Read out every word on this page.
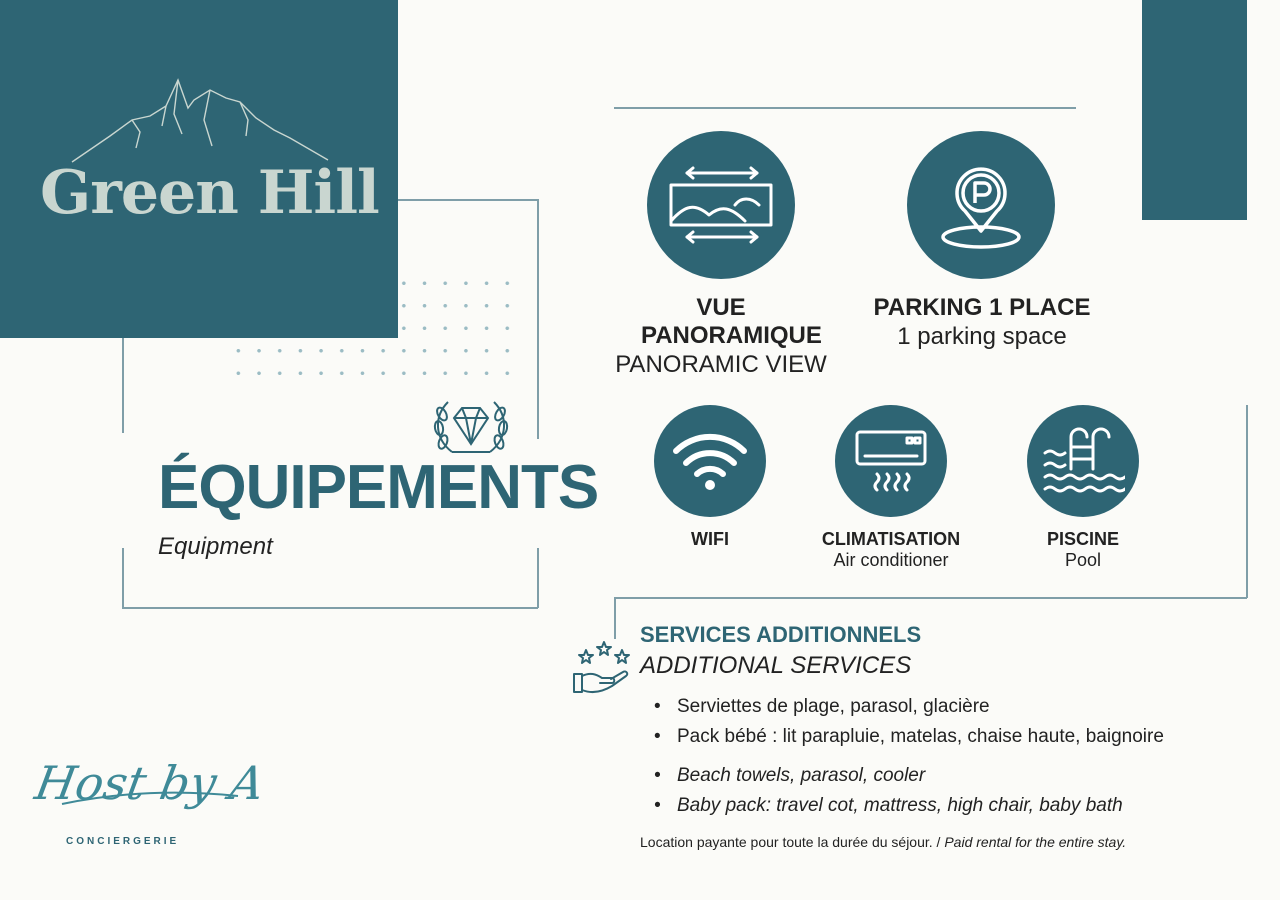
Green Hill
ÉQUIPEMENTS
Equipment
VUE PANORAMIQUE
PANORAMIC VIEW
PARKING 1 PLACE
1 parking space
WIFI	CLIMATISATION
Air conditioner
PISCINE
Pool
SERVICES ADDITIONNELS
ADDITIONAL SERVICES
• Serviettes de plage, parasol, glacière
• Pack bébé : lit parapluie, matelas, chaise haute, baignoire
• Beach towels, parasol, cooler
• Baby pack: travel cot, mattress, high chair, baby bath
Location payante pour toute la durée du séjour. / Paid rental for the entire stay.
Host by A
CONCIERGERIE
